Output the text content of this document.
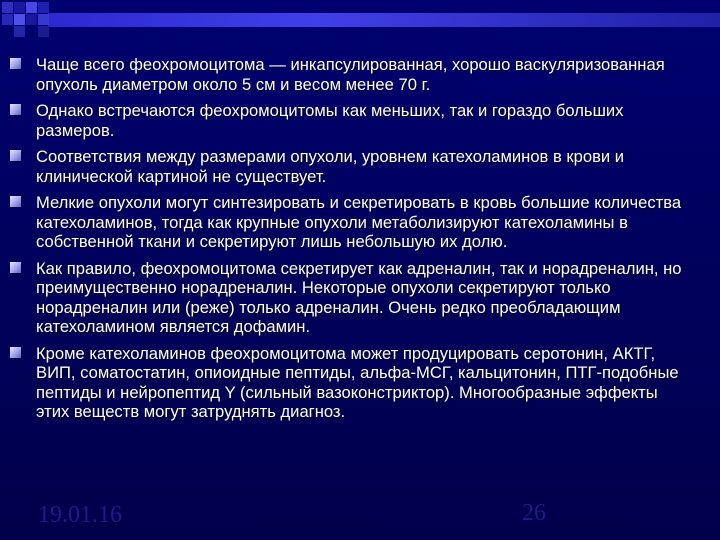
Чаще всего феохромоцитома — инкапсулированная, хорошо васкуляризованная опухоль диаметром около 5 см и весом менее 70 г.
Однако встречаются феохромоцитомы как меньших, так и гораздо больших размеров.
Соответствия между размерами опухоли, уровнем катехоламинов в крови и клинической картиной не существует.
Мелкие опухоли могут синтезировать и секретировать в кровь большие количества катехоламинов, тогда как крупные опухоли метаболизируют катехоламины в собственной ткани и секретируют лишь небольшую их долю.
Как правило, феохромоцитома секретирует как адреналин, так и норадреналин, но преимущественно норадреналин. Некоторые опухоли секретируют только норадреналин или (реже) только адреналин. Очень редко преобладающим катехоламином является дофамин.
Кроме катехоламинов феохромоцитома может продуцировать серотонин, АКТГ, ВИП, соматостатин, опиоидные пептиды, альфа-МСГ, кальцитонин, ПТГ-подобные пептиды и нейропептид Y (сильный вазоконстриктор). Многообразные эффекты этих веществ могут затруднять диагноз.
19.01.16	26
